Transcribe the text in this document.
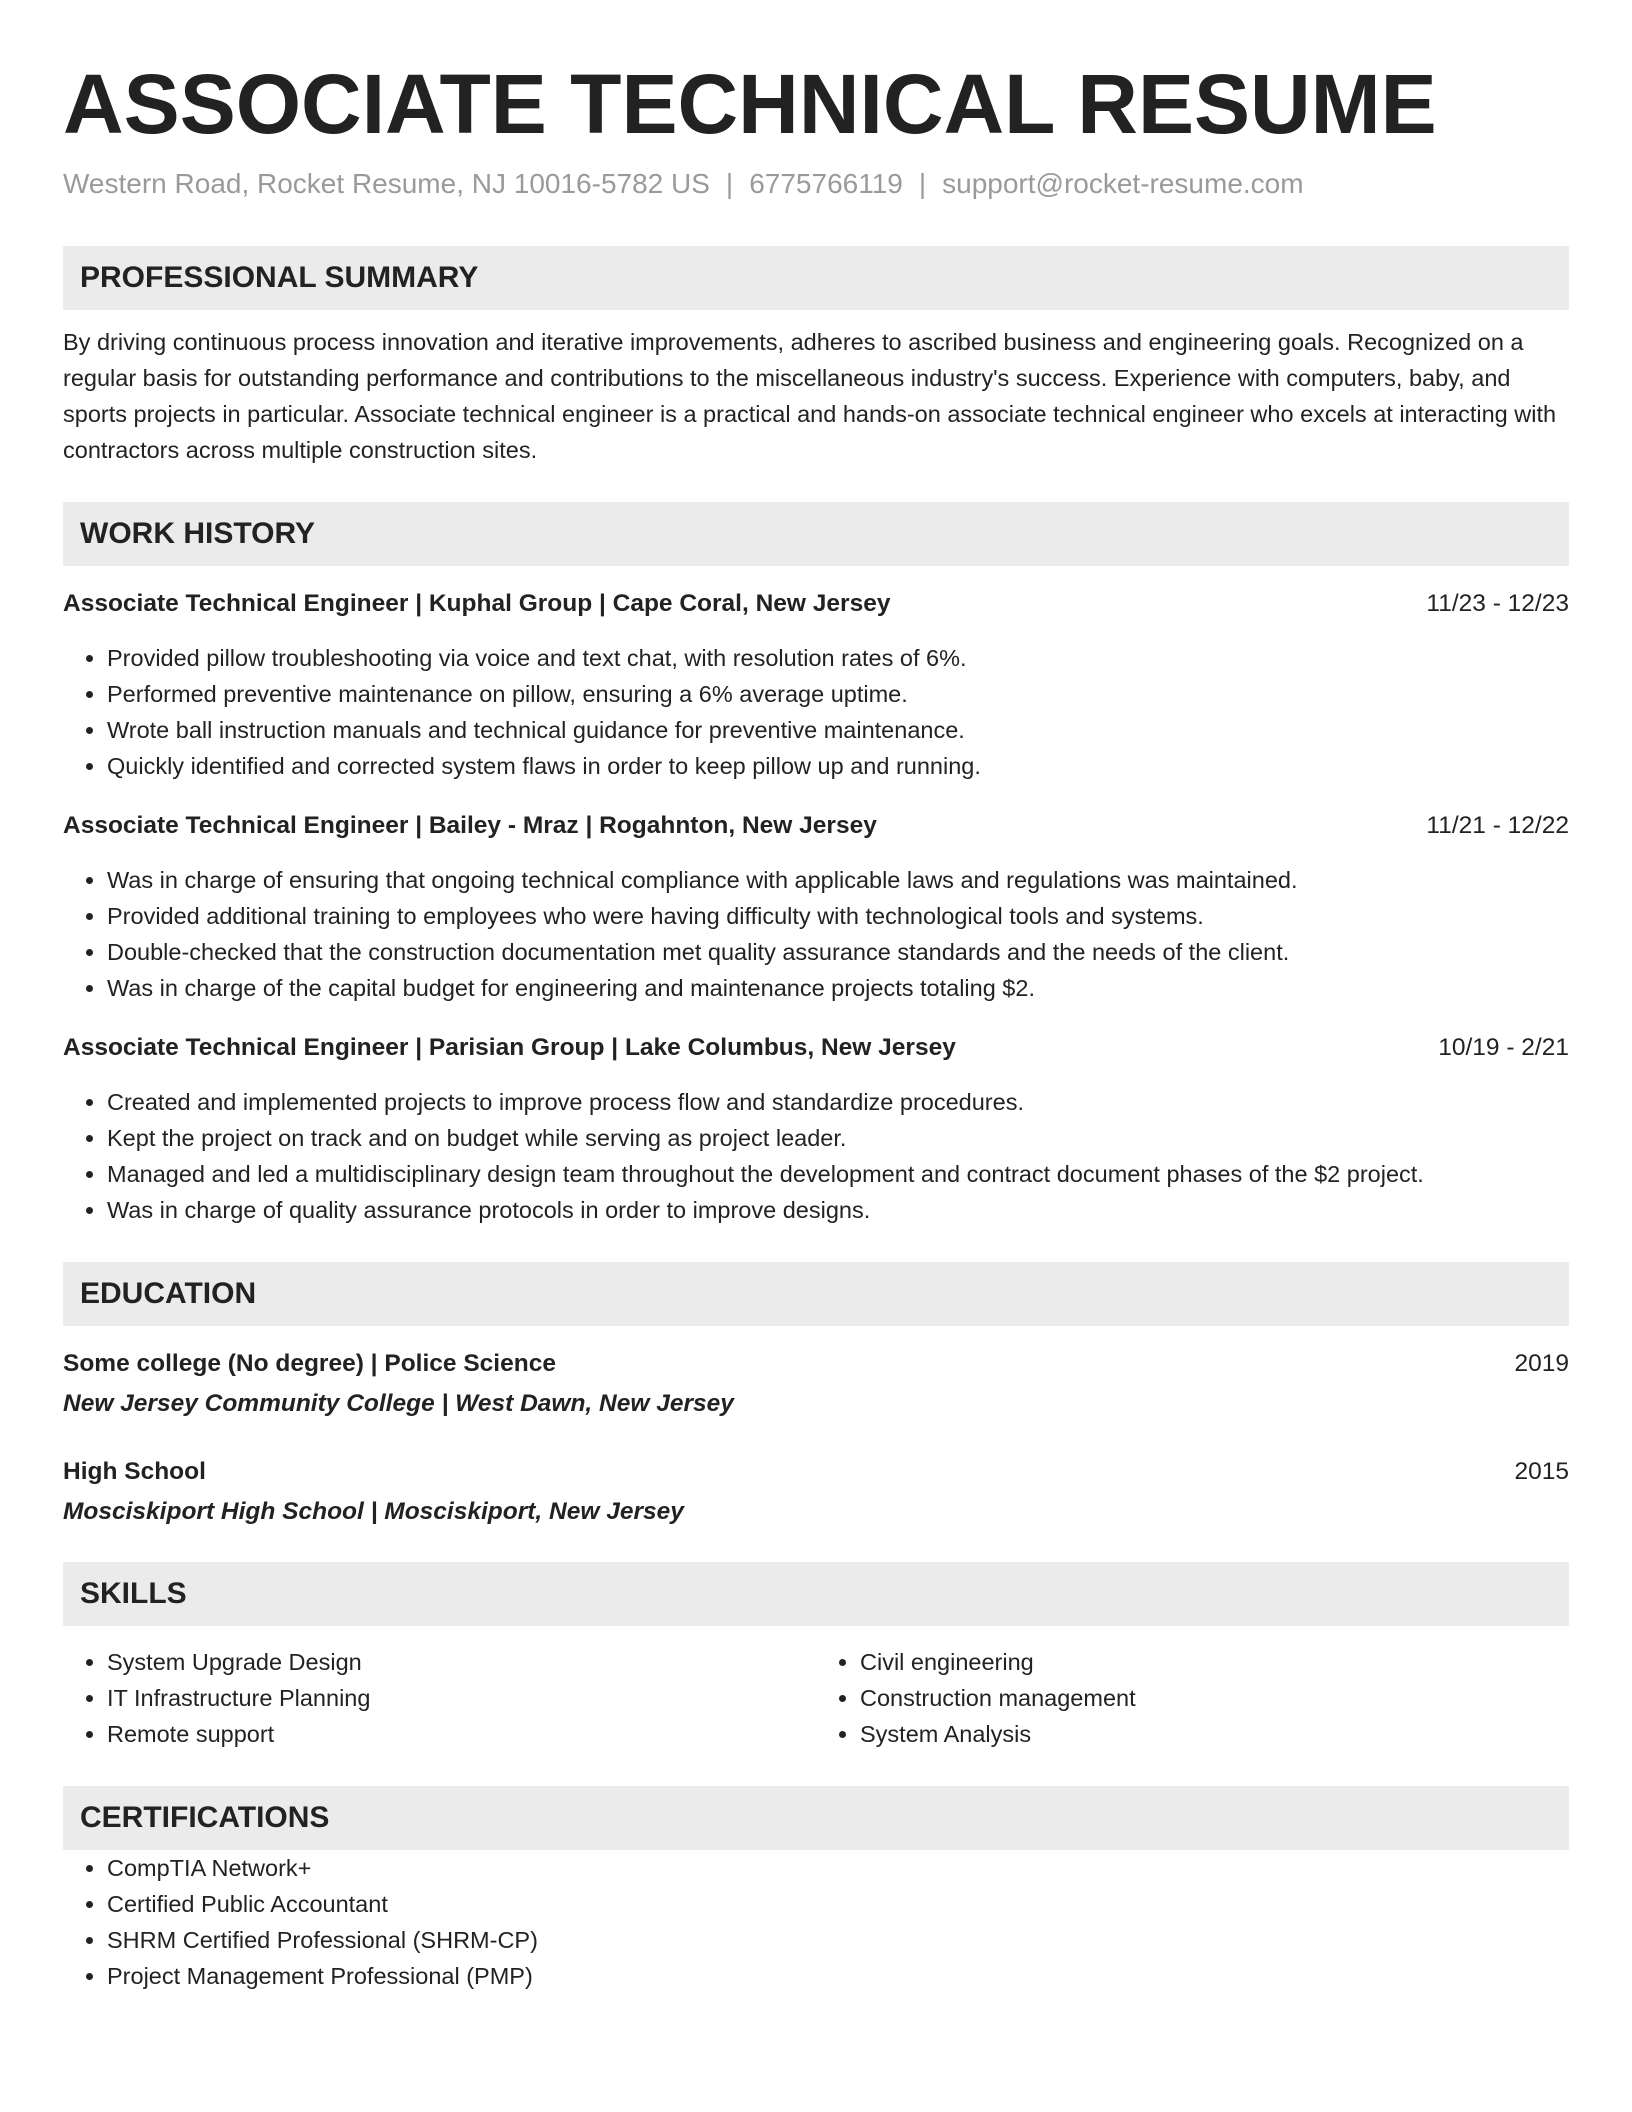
ASSOCIATE TECHNICAL RESUME
Western Road, Rocket Resume, NJ 10016-5782 US | 6775766119 | support@rocket-resume.com
PROFESSIONAL SUMMARY
By driving continuous process innovation and iterative improvements, adheres to ascribed business and engineering goals. Recognized on a regular basis for outstanding performance and contributions to the miscellaneous industry's success. Experience with computers, baby, and sports projects in particular. Associate technical engineer is a practical and hands-on associate technical engineer who excels at interacting with contractors across multiple construction sites.
WORK HISTORY
Associate Technical Engineer | Kuphal Group | Cape Coral, New Jersey	11/23 - 12/23
• Provided pillow troubleshooting via voice and text chat, with resolution rates of 6%.
• Performed preventive maintenance on pillow, ensuring a 6% average uptime.
• Wrote ball instruction manuals and technical guidance for preventive maintenance.
• Quickly identified and corrected system flaws in order to keep pillow up and running.
Associate Technical Engineer | Bailey - Mraz | Rogahnton, New Jersey	11/21 - 12/22
• Was in charge of ensuring that ongoing technical compliance with applicable laws and regulations was maintained.
• Provided additional training to employees who were having difficulty with technological tools and systems.
• Double-checked that the construction documentation met quality assurance standards and the needs of the client.
• Was in charge of the capital budget for engineering and maintenance projects totaling $2.
Associate Technical Engineer | Parisian Group | Lake Columbus, New Jersey	10/19 - 2/21
• Created and implemented projects to improve process flow and standardize procedures.
• Kept the project on track and on budget while serving as project leader.
• Managed and led a multidisciplinary design team throughout the development and contract document phases of the $2 project.
• Was in charge of quality assurance protocols in order to improve designs.
EDUCATION
Some college (No degree) | Police Science	2019
New Jersey Community College | West Dawn, New Jersey
High School	2015
Mosciskiport High School | Mosciskiport, New Jersey
SKILLS
• System Upgrade Design
• IT Infrastructure Planning
• Remote support
• Civil engineering
• Construction management
• System Analysis
CERTIFICATIONS
• CompTIA Network+
• Certified Public Accountant
• SHRM Certified Professional (SHRM-CP)
• Project Management Professional (PMP)
